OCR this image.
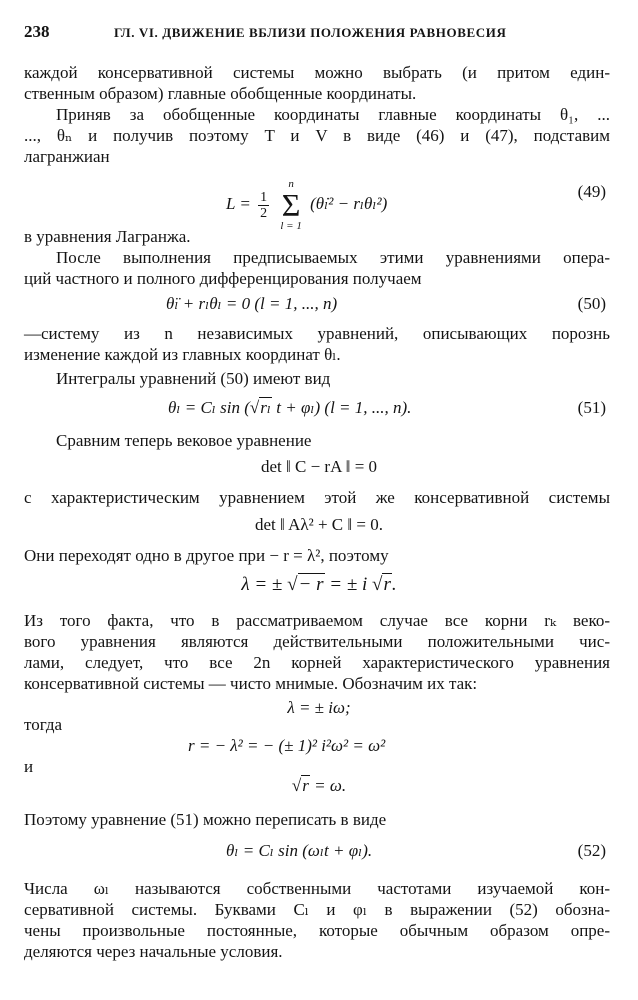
238	ГЛ. VI. ДВИЖЕНИЕ ВБЛИЗИ ПОЛОЖЕНИЯ РАВНОВЕСИЯ
каждой консервативной системы можно выбрать (и притом един-
ственным образом) главные обобщенные координаты.
Приняв за обобщенные координаты главные координаты θ₁, ...
..., θₙ и получив поэтому T и V в виде (46) и (47), подставим
лагранжиан
$L = \frac{1}{2}$

n
Σ
l = 1
(θ̇ₗ² − rₗθₗ²)
(49)
в уравнения Лагранжа.
После выполнения предписываемых этими уравнениями опера-
ций частного и полного дифференцирования получаем
θ̈ₗ + rₗθₗ = 0 (l = 1, ..., n)	(50)
—систему из n независимых уравнений, описывающих порознь
изменение каждой из главных координат θₗ.
Интегралы уравнений (50) имеют вид
θₗ = Cₗ sin (√rₗ t + φₗ) (l = 1, ..., n).	(51)
Сравним теперь вековое уравнение
det ‖ C − rA ‖ = 0
с характеристическим уравнением этой же консервативной системы
det ‖ Aλ² + C ‖ = 0.
Они переходят одно в другое при − r = λ², поэтому
λ = ± √− r = ± i √r.
Из того факта, что в рассматриваемом случае все корни rₖ веко-
вого уравнения являются действительными положительными чис-
лами, следует, что все 2n корней характеристического уравнения
консервативной системы — чисто мнимые. Обозначим их так:
λ = ± iω;
тогда
r = − λ² = − (± 1)² i²ω² = ω²
и
√r = ω.
Поэтому уравнение (51) можно переписать в виде
θₗ = Cₗ sin (ωₗt + φₗ).	(52)
Числа ωₗ называются собственными частотами изучаемой кон-
сервативной системы. Буквами Cₗ и φₗ в выражении (52) обозна-
чены произвольные постоянные, которые обычным образом опре-
деляются через начальные условия.
